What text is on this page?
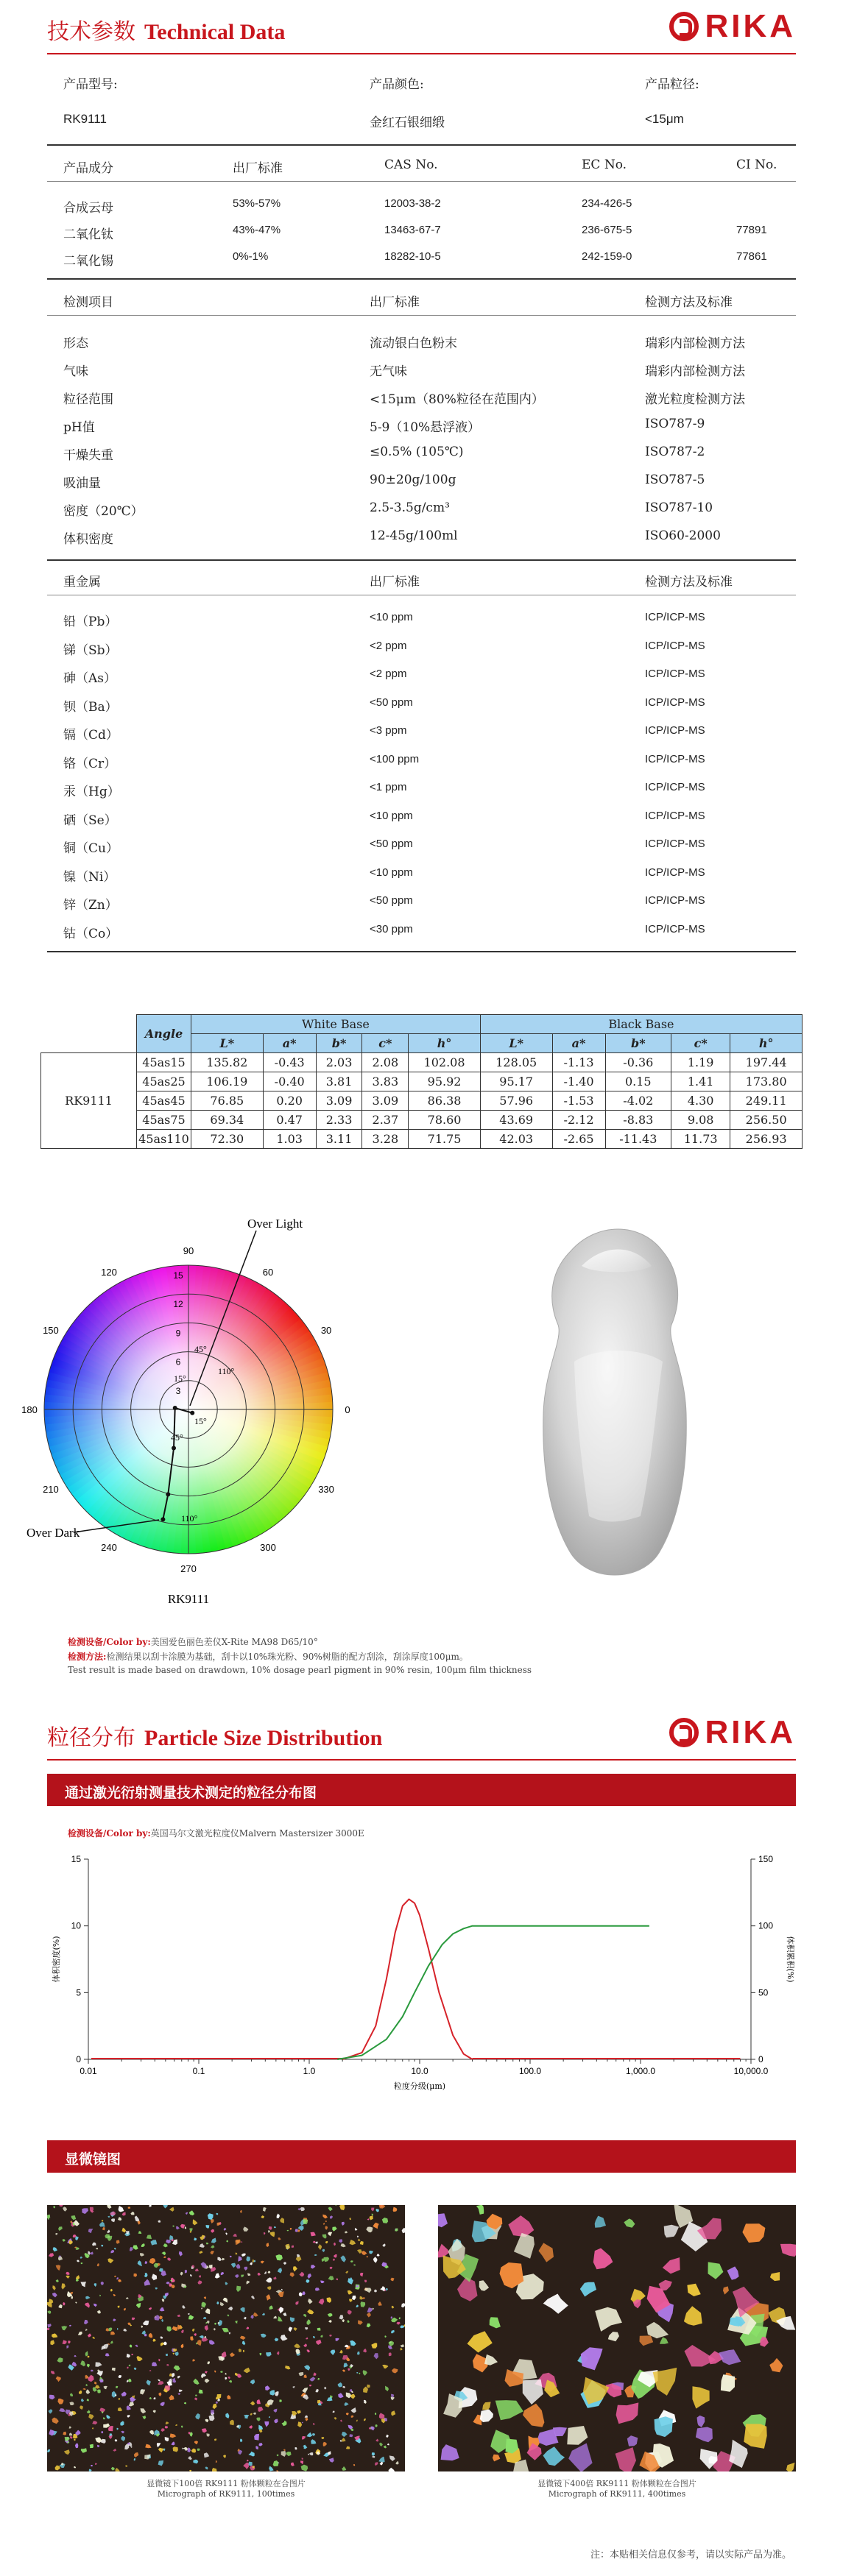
技术参数 Technical Data	RIKA
产品型号:	产品颜色:	产品粒径:
RK9111	金红石银细缎	<15μm
产品成分	出厂标准	CAS No.	EC No.	CI No.
合成云母	53%-57%	12003-38-2	234-426-5
二氧化钛	43%-47%	13463-67-7	236-675-5	77891
二氧化锡	0%-1%	18282-10-5	242-159-0	77861
检测项目	出厂标准	检测方法及标准
形态	流动银白色粉末	瑞彩内部检测方法
气味	无气味	瑞彩内部检测方法
粒径范围	<15μm（80%粒径在范围内）	激光粒度检测方法
pH值	5-9（10%悬浮液）	ISO787-9
干燥失重	≤0.5% (105℃)	ISO787-2
吸油量	90±20g/100g	ISO787-5
密度（20℃）	2.5-3.5g/cm³	ISO787-10
体积密度	12-45g/100ml	ISO60-2000
重金属	出厂标准	检测方法及标准
铅（Pb）	<10 ppm	ICP/ICP-MS
锑（Sb）	<2 ppm	ICP/ICP-MS
砷（As）	<2 ppm	ICP/ICP-MS
钡（Ba）	<50 ppm	ICP/ICP-MS
镉（Cd）	<3 ppm	ICP/ICP-MS
铬（Cr）	<100 ppm	ICP/ICP-MS
汞（Hg）	<1 ppm	ICP/ICP-MS
硒（Se）	<10 ppm	ICP/ICP-MS
铜（Cu）	<50 ppm	ICP/ICP-MS
镍（Ni）	<10 ppm	ICP/ICP-MS
锌（Zn）	<50 ppm	ICP/ICP-MS
钴（Co）	<30 ppm	ICP/ICP-MS
	Angle	White Base					Black Base				
		L*	a*	b*	c*	h°	L*	a*	b*	c*	h°
RK9111	45as15	135.82	-0.43	2.03	2.08	102.08	128.05	-1.13	-0.36	1.19	197.44
	45as25	106.19	-0.40	3.81	3.83	95.92	95.17	-1.40	0.15	1.41	173.80
	45as45	76.85	0.20	3.09	3.09	86.38	57.96	-1.53	-4.02	4.30	249.11
	45as75	69.34	0.47	2.33	2.37	78.60	43.69	-2.12	-8.83	9.08	256.50
	45as110	72.30	1.03	3.11	3.28	71.75	42.03	-2.65	-11.43	11.73	256.93
90
60
30
0
330
300
270
240
210
180
150
120	15
12
9
6
3
45°
15°
110°
15°
45°
110°
Over Light
Over Dark
RK9111
检测设备/Color by:美国爱色丽色差仪X-Rite MA98 D65/10°
检测方法:检测结果以刮卡涂膜为基础，刮卡以10%珠光粉、90%树脂的配方刮涂，刮涂厚度100μm。
Test result is made based on drawdown, 10% dosage pearl pigment in 90% resin, 100μm film thickness
粒径分布 Particle Size Distribution	RIKA
通过激光衍射测量技术测定的粒径分布图
检测设备/Color by:英国马尔文激光粒度仪Malvern Mastersizer 3000E
0.01	0.1	1.0	10.0	100.0	1,000.0	10,000.0
0
5
10
15
0
50
100
150
粒度分级(μm)
体积密度(%)	体积累积(%)
显微镜图
显微镜下100倍 RK9111 粉体颗粒在合图片
Micrograph of RK9111, 100times
显微镜下400倍 RK9111 粉体颗粒在合图片
Micrograph of RK9111, 400times
注：本贴相关信息仅参考，请以实际产品为准。
